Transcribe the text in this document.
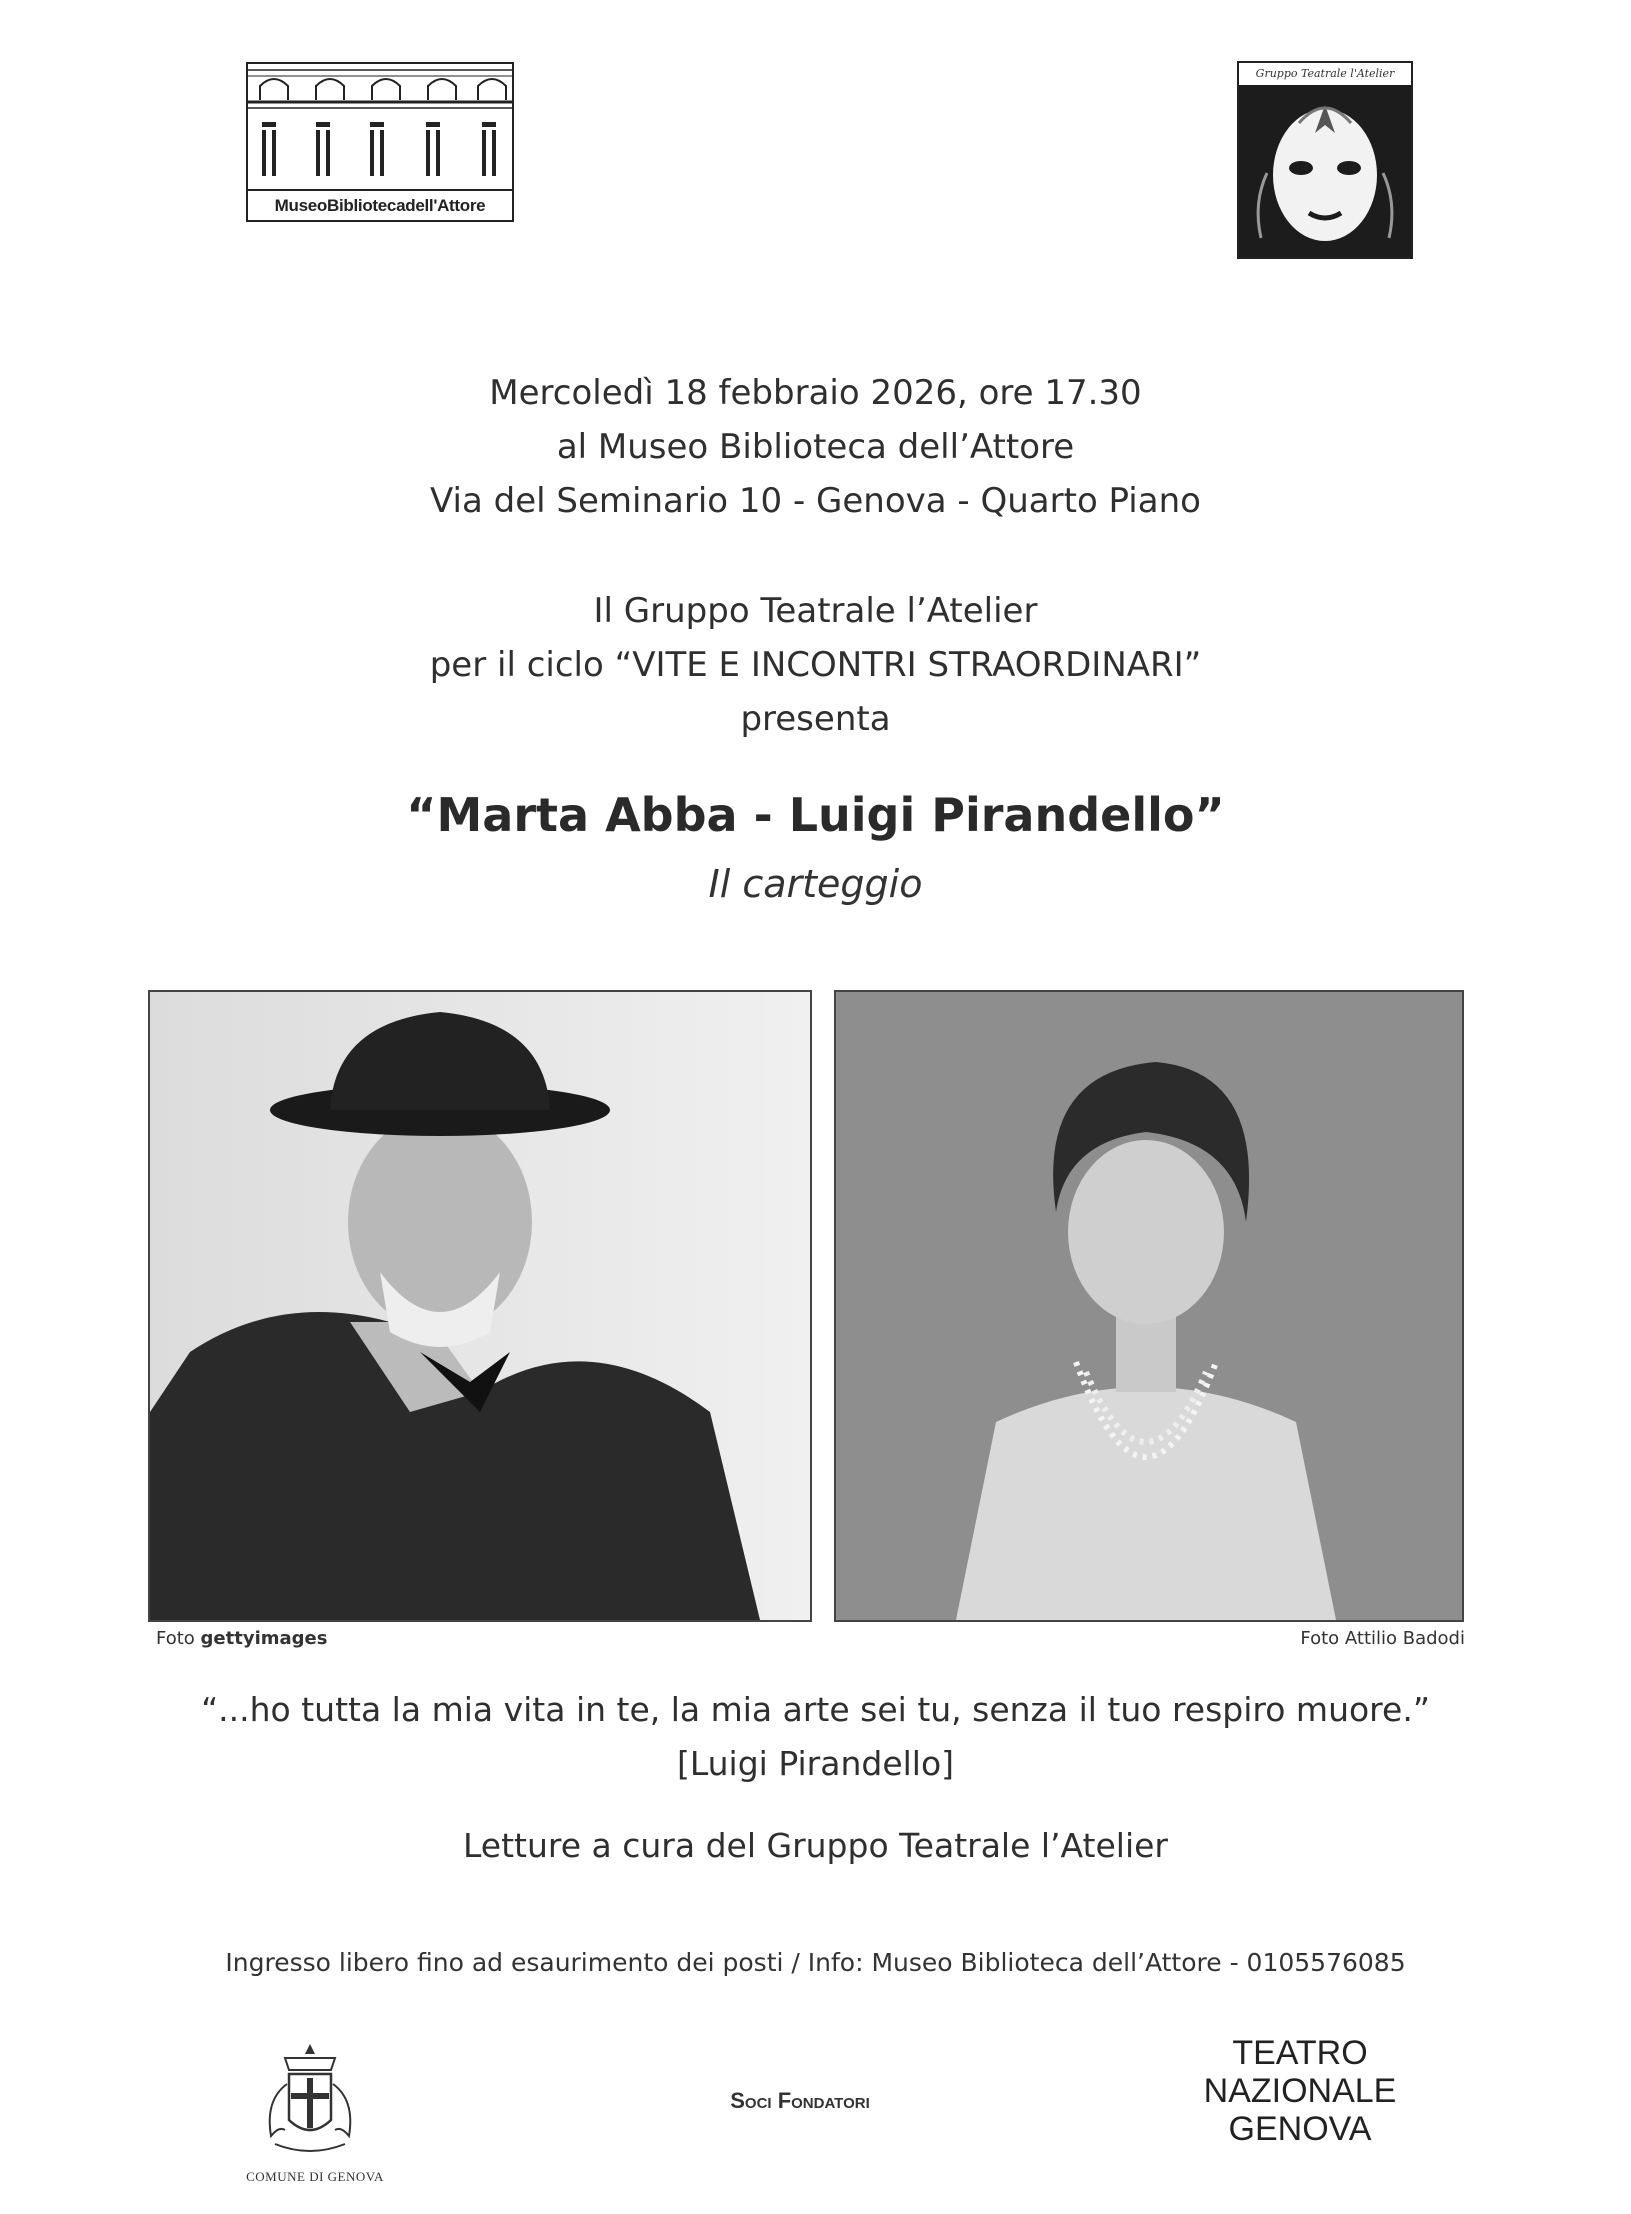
MuseoBibliotecadell'Attore
Gruppo Teatrale l'Atelier
Mercoledì 18 febbraio 2026, ore 17.30
al Museo Biblioteca dell’Attore
Via del Seminario 10 - Genova - Quarto Piano
Il Gruppo Teatrale l’Atelier
per il ciclo “VITE E INCONTRI STRAORDINARI”
presenta
“Marta Abba - Luigi Pirandello”
Il carteggio
Foto gettyimages	Foto Attilio Badodi
“...ho tutta la mia vita in te, la mia arte sei tu, senza il tuo respiro muore.”
[Luigi Pirandello]
Letture a cura del Gruppo Teatrale l’Atelier
Ingresso libero fino ad esaurimento dei posti / Info: Museo Biblioteca dell’Attore - 0105576085
COMUNE DI GENOVA
Soci Fondatori
TEATRO
NAZIONALE
GENOVA
